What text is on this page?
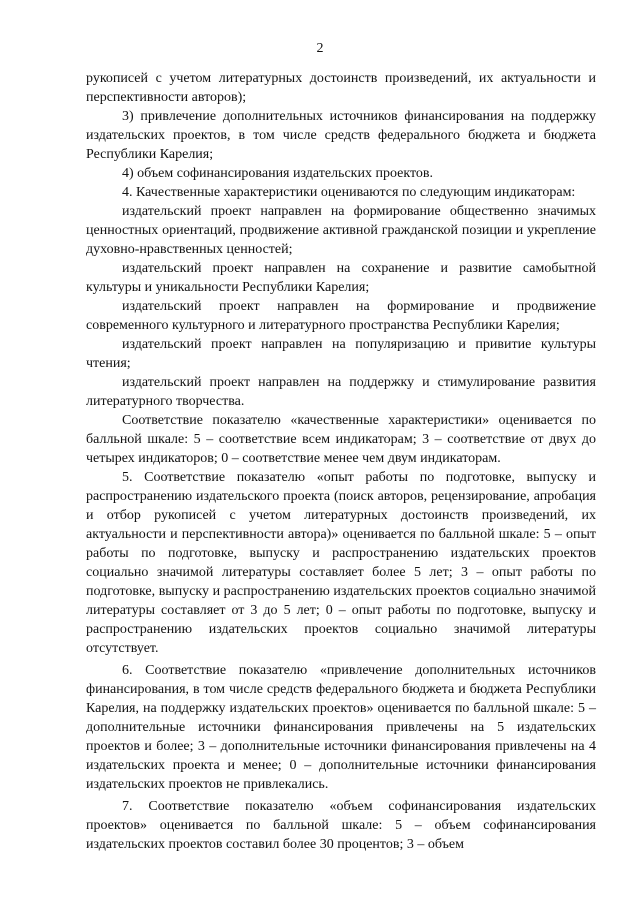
2

рукописей с учетом литературных достоинств произведений, их актуальности и перспективности авторов);

3) привлечение дополнительных источников финансирования на поддержку издательских проектов, в том числе средств федерального бюджета и бюджета Республики Карелия;

4) объем софинансирования издательских проектов.

4. Качественные характеристики оцениваются по следующим индикаторам:

издательский проект направлен на формирование общественно значимых ценностных ориентаций, продвижение активной гражданской позиции и укрепление духовно-нравственных ценностей;

издательский проект направлен на сохранение и развитие самобытной культуры и уникальности Республики Карелия;

издательский проект направлен на формирование и продвижение современного культурного и литературного пространства Республики Карелия;

издательский проект направлен на популяризацию и привитие культуры чтения;

издательский проект направлен на поддержку и стимулирование развития литературного творчества.

Соответствие показателю «качественные характеристики» оценивается по балльной шкале: 5 – соответствие всем индикаторам; 3 – соответствие от двух до четырех индикаторов; 0 – соответствие менее чем двум индикаторам.

5. Соответствие показателю «опыт работы по подготовке, выпуску и распространению издательского проекта (поиск авторов, рецензирование, апробация и отбор рукописей с учетом литературных достоинств произведений, их актуальности и перспективности автора)» оценивается по балльной шкале: 5 – опыт работы по подготовке, выпуску и распространению издательских проектов социально значимой литературы составляет более 5 лет; 3 – опыт работы по подготовке, выпуску и распространению издательских проектов социально значимой литературы составляет от 3 до 5 лет; 0 – опыт работы по подготовке, выпуску и распространению издательских проектов социально значимой литературы отсутствует.

6. Соответствие показателю «привлечение дополнительных источников финансирования, в том числе средств федерального бюджета и бюджета Республики Карелия, на поддержку издательских проектов» оценивается по балльной шкале: 5 – дополнительные источники финансирования привлечены на 5 издательских проектов и более; 3 – дополнительные источники финансирования привлечены на 4 издательских проекта и менее; 0 – дополнительные источники финансирования издательских проектов не привлекались.

7. Соответствие показателю «объем софинансирования издательских проектов» оценивается по балльной шкале: 5 – объем софинансирования издательских проектов составил более 30 процентов; 3 – объем
